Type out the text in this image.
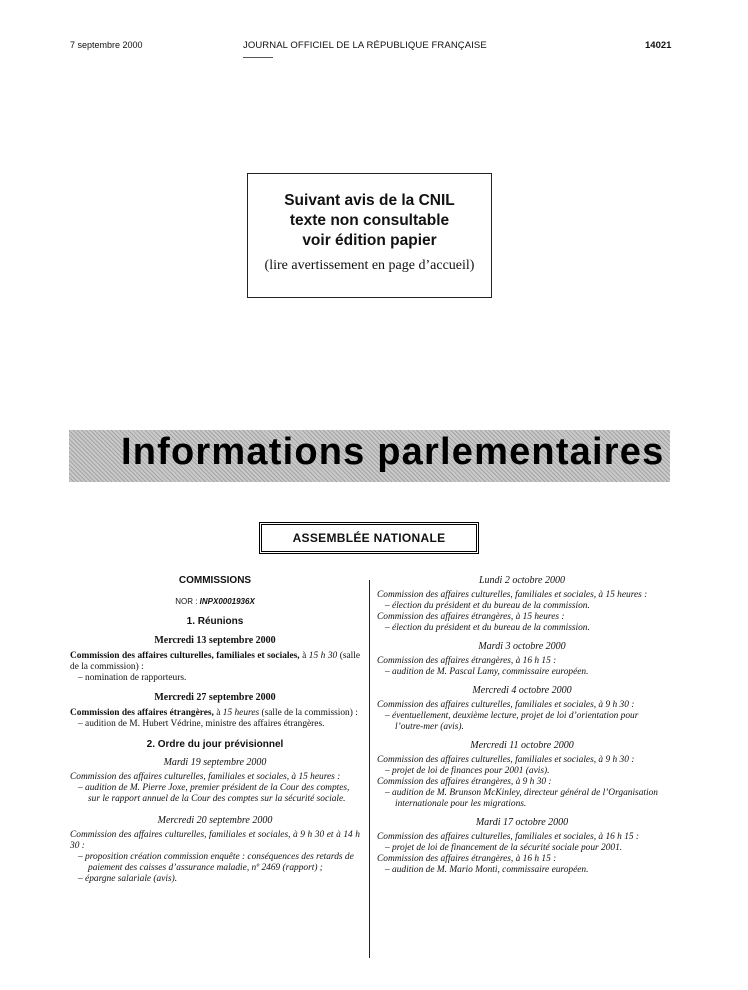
7 septembre 2000	JOURNAL OFFICIEL DE LA RÉPUBLIQUE FRANÇAISE	14021
Suivant avis de la CNIL
texte non consultable
voir édition papier
(lire avertissement en page d’accueil)
Informations parlementaires
ASSEMBLÉE NATIONALE
COMMISSIONS
NOR : INPX0001936X
1. Réunions
Mercredi 13 septembre 2000
Commission des affaires culturelles, familiales et sociales, à 15 h 30 (salle de la commission) :
– nomination de rapporteurs.
Mercredi 27 septembre 2000
Commission des affaires étrangères, à 15 heures (salle de la commission) :
– audition de M. Hubert Védrine, ministre des affaires étrangères.
2. Ordre du jour prévisionnel
Mardi 19 septembre 2000
Commission des affaires culturelles, familiales et sociales, à 15 heures :
– audition de M. Pierre Joxe, premier président de la Cour des comptes, sur le rapport annuel de la Cour des comptes sur la sécurité sociale.
Mercredi 20 septembre 2000
Commission des affaires culturelles, familiales et sociales, à 9 h 30 et à 14 h 30 :
– proposition création commission enquête : conséquences des retards de paiement des caisses d’assurance maladie, nº 2469 (rapport) ;
– épargne salariale (avis).
Lundi 2 octobre 2000
Commission des affaires culturelles, familiales et sociales, à 15 heures :
– élection du président et du bureau de la commission.
Commission des affaires étrangères, à 15 heures :
– élection du président et du bureau de la commission.
Mardi 3 octobre 2000
Commission des affaires étrangères, à 16 h 15 :
– audition de M. Pascal Lamy, commissaire européen.
Mercredi 4 octobre 2000
Commission des affaires culturelles, familiales et sociales, à 9 h 30 :
– éventuellement, deuxième lecture, projet de loi d’orientation pour l’outre-mer (avis).
Mercredi 11 octobre 2000
Commission des affaires culturelles, familiales et sociales, à 9 h 30 :
– projet de loi de finances pour 2001 (avis).
Commission des affaires étrangères, à 9 h 30 :
– audition de M. Brunson McKinley, directeur général de l’Organisation internationale pour les migrations.
Mardi 17 octobre 2000
Commission des affaires culturelles, familiales et sociales, à 16 h 15 :
– projet de loi de financement de la sécurité sociale pour 2001.
Commission des affaires étrangères, à 16 h 15 :
– audition de M. Mario Monti, commissaire européen.
